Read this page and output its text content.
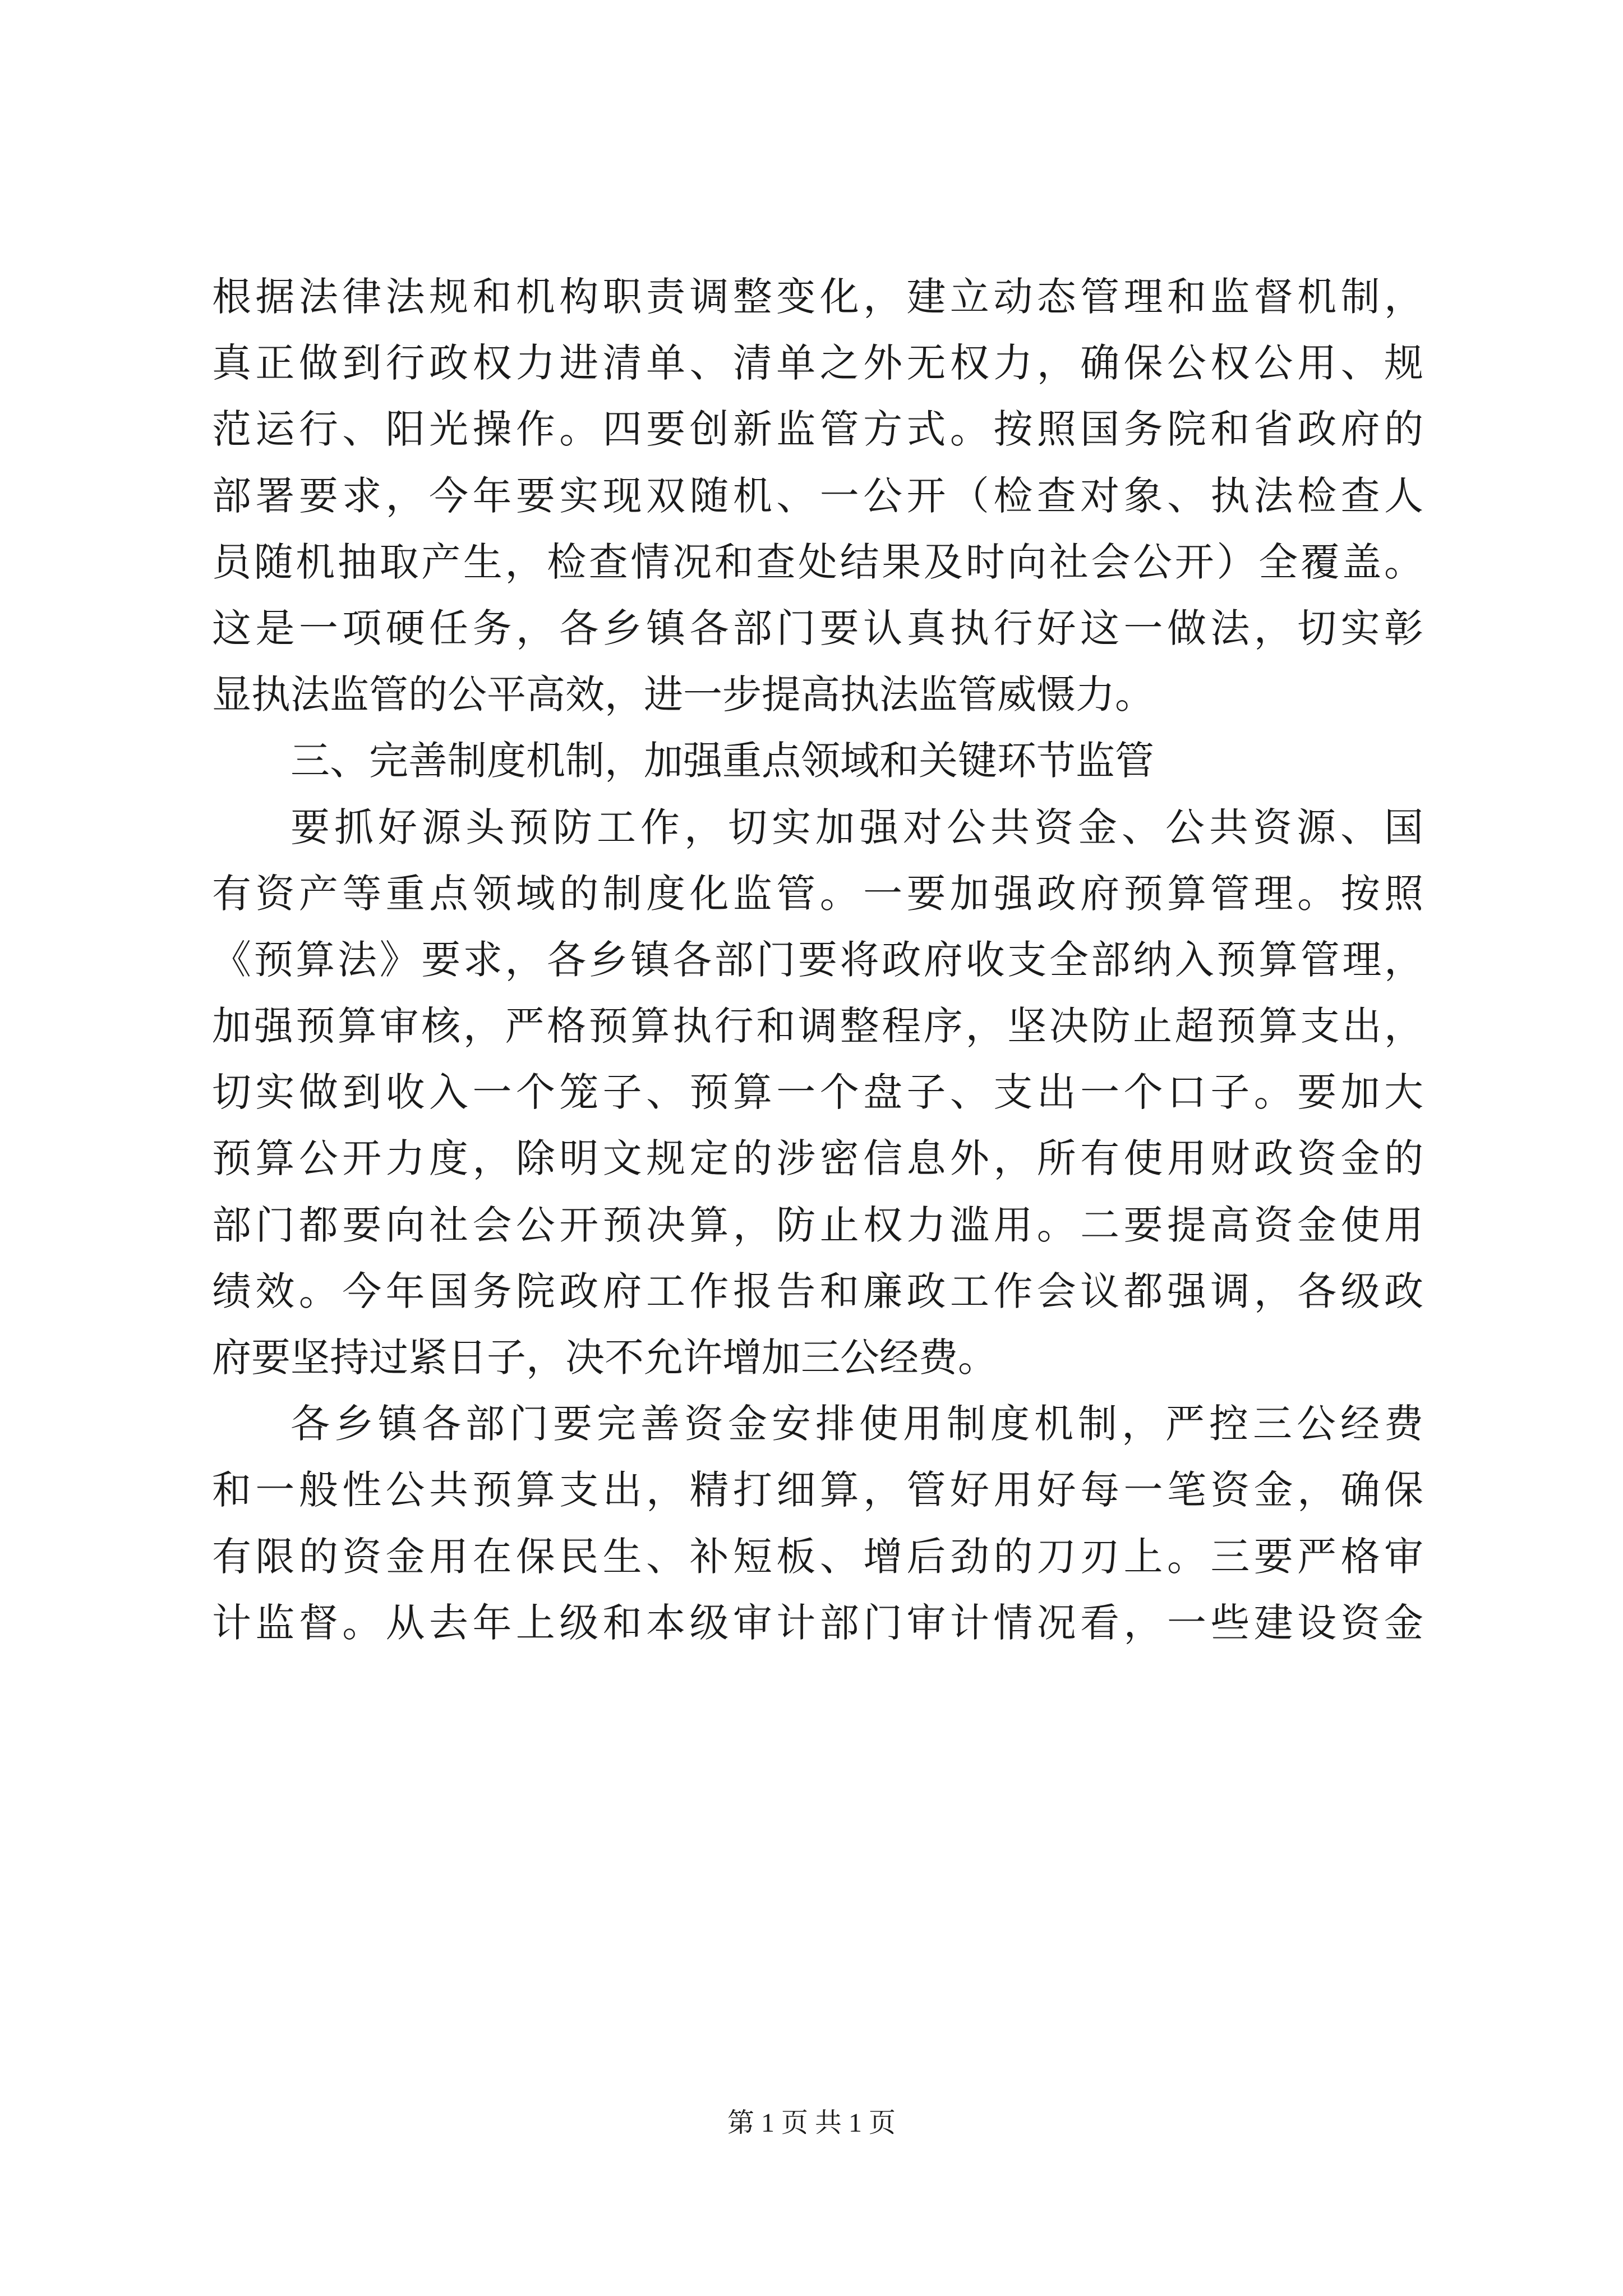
根据法律法规和机构职责调整变化，建立动态管理和监督机制，
真正做到行政权力进清单、清单之外无权力，确保公权公用、规
范运行、阳光操作。四要创新监管方式。按照国务院和省政府的
部署要求，今年要实现双随机、一公开（检查对象、执法检查人
员随机抽取产生，检查情况和查处结果及时向社会公开）全覆盖。
这是一项硬任务，各乡镇各部门要认真执行好这一做法，切实彰
显执法监管的公平高效，进一步提高执法监管威慑力。
三、完善制度机制，加强重点领域和关键环节监管
要抓好源头预防工作，切实加强对公共资金、公共资源、国
有资产等重点领域的制度化监管。一要加强政府预算管理。按照
《预算法》要求，各乡镇各部门要将政府收支全部纳入预算管理，
加强预算审核，严格预算执行和调整程序，坚决防止超预算支出，
切实做到收入一个笼子、预算一个盘子、支出一个口子。要加大
预算公开力度，除明文规定的涉密信息外，所有使用财政资金的
部门都要向社会公开预决算，防止权力滥用。二要提高资金使用
绩效。今年国务院政府工作报告和廉政工作会议都强调，各级政
府要坚持过紧日子，决不允许增加三公经费。
各乡镇各部门要完善资金安排使用制度机制，严控三公经费
和一般性公共预算支出，精打细算，管好用好每一笔资金，确保
有限的资金用在保民生、补短板、增后劲的刀刃上。三要严格审
计监督。从去年上级和本级审计部门审计情况看，一些建设资金
第 1 页 共 1 页
